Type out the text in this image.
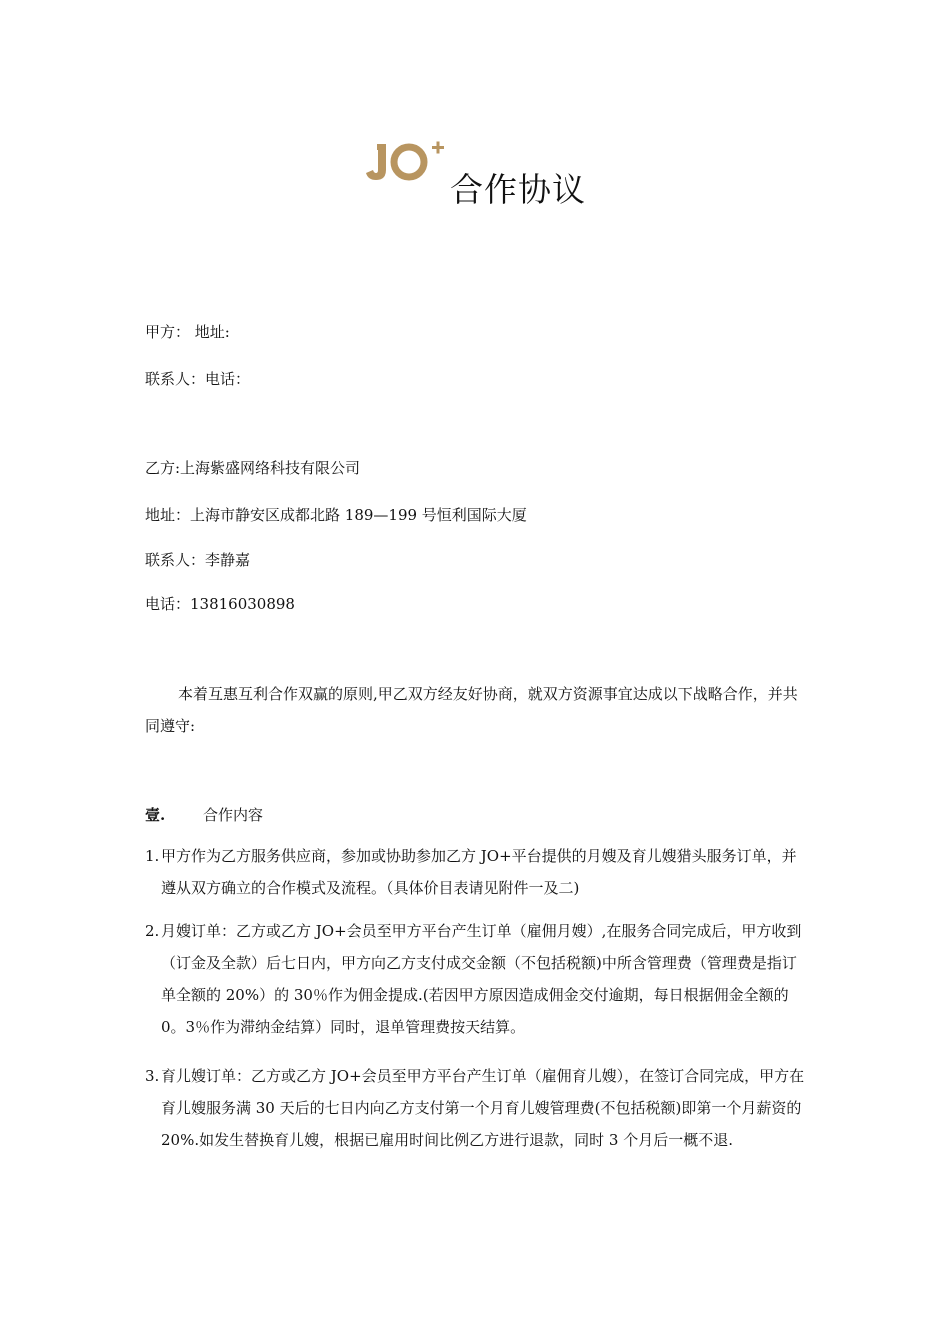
合作协议
甲方： 地址:
联系人：电话：
乙方:上海紫盛网络科技有限公司
地址：上海市静安区成都北路 189—199 号恒利国际大厦
联系人：李静嘉
电话：13816030898
本着互惠互利合作双赢的原则,甲乙双方经友好协商，就双方资源事宜达成以下战略合作，并共同遵守:
壹.	合作内容
1. 甲方作为乙方服务供应商，参加或协助参加乙方 JO+平台提供的月嫂及育儿嫂猎头服务订单，并遵从双方确立的合作模式及流程。（具体价目表请见附件一及二)
2. 月嫂订单：乙方或乙方 JO+会员至甲方平台产生订单（雇佣月嫂）,在服务合同完成后，甲方收到（订金及全款）后七日内，甲方向乙方支付成交金额（不包括税额)中所含管理费（管理费是指订单全额的 20%）的 30％作为佣金提成.(若因甲方原因造成佣金交付逾期，每日根据佣金全额的 0。3％作为滞纳金结算）同时，退单管理费按天结算。
3. 育儿嫂订单：乙方或乙方 JO+会员至甲方平台产生订单（雇佣育儿嫂），在签订合同完成，甲方在育儿嫂服务满 30 天后的七日内向乙方支付第一个月育儿嫂管理费(不包括税额)即第一个月薪资的 20%.如发生替换育儿嫂，根据已雇用时间比例乙方进行退款，同时 3 个月后一概不退.
